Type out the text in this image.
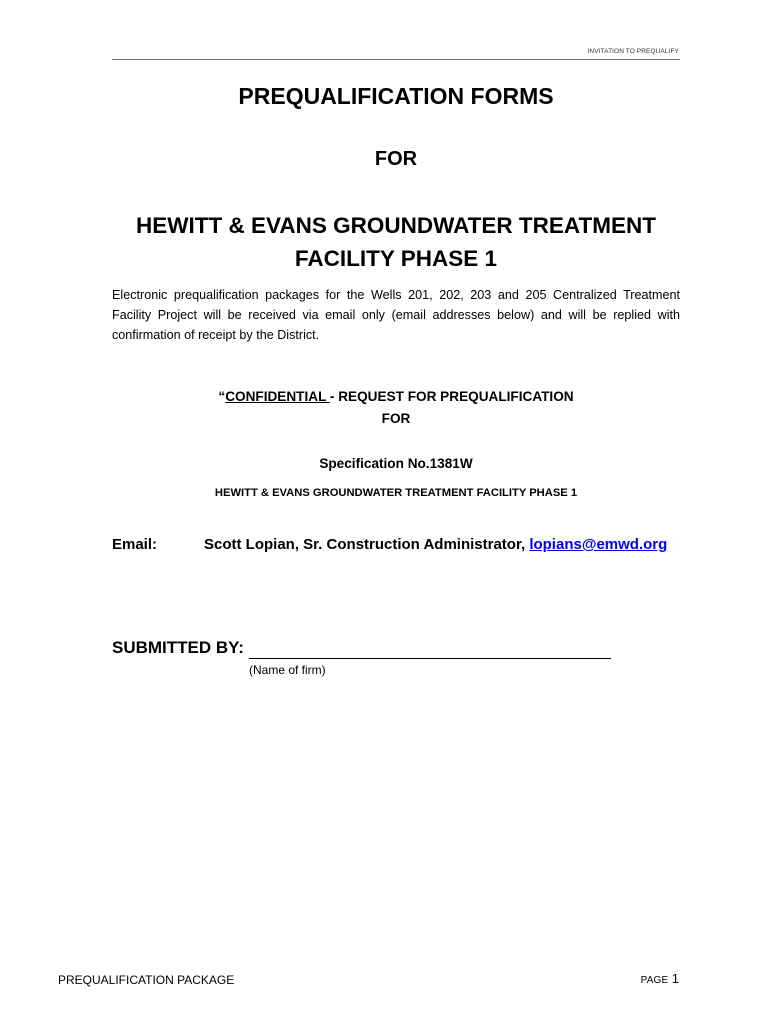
INVITATION TO PREQUALIFY
PREQUALIFICATION FORMS
FOR
HEWITT & EVANS GROUNDWATER TREATMENT
FACILITY PHASE 1

Electronic prequalification packages for the Wells 201, 202, 203 and 205 Centralized Treatment Facility Project will be received via email only (email addresses below) and will be replied with confirmation of receipt by the District.

“CONFIDENTIAL - REQUEST FOR PREQUALIFICATION
FOR
Specification No.1381W
HEWITT & EVANS GROUNDWATER TREATMENT FACILITY PHASE 1
Email:	Scott Lopian, Sr. Construction Administrator, lopians@emwd.org
SUBMITTED BY:
(Name of firm)
PREQUALIFICATION PACKAGE	PAGE 1
